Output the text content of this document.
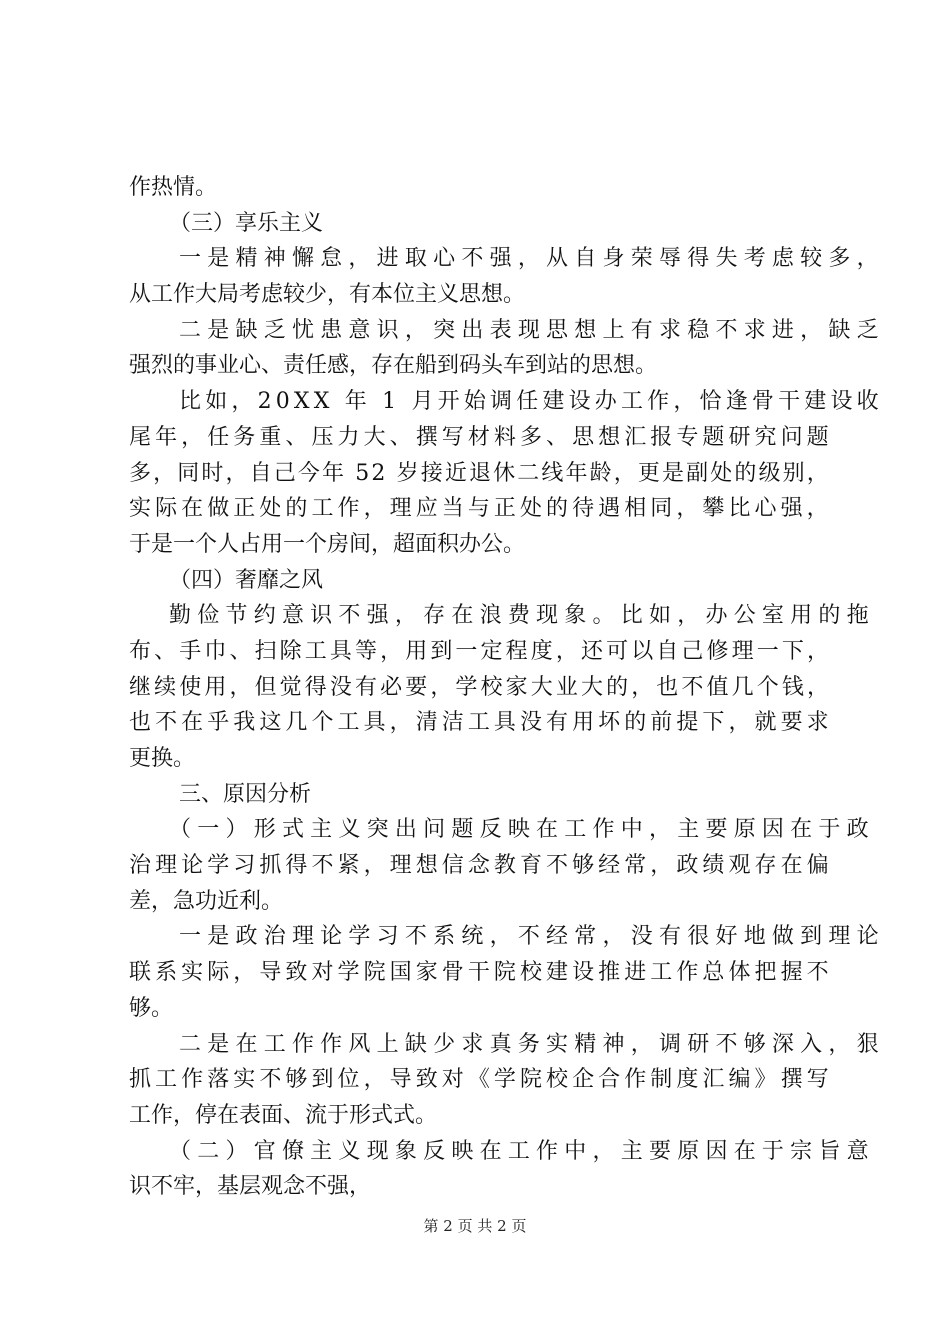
作热情。
（三）享乐主义
一 是 精 神 懈 怠 ， 进 取 心 不 强 ， 从 自 身 荣 辱 得 失 考 虑 较 多 ，
从工作大局考虑较少，有本位主义思想。
二 是 缺 乏 忧 患 意 识 ， 突 出 表 现 思 想 上 有 求 稳 不 求 进 ， 缺 乏
强烈的事业心、责任感，存在船到码头车到站的思想。
比 如 ， 2 0 X X
年
1
月 开 始 调 任 建 设 办 工 作 ， 恰 逢 骨 干 建 设 收
尾 年 ， 任 务 重 、 压 力 大 、 撰 写 材 料 多 、 思 想 汇 报 专 题 研 究 问 题
多 ， 同 时 ， 自 己 今 年
5 2
岁 接 近 退 休 二 线 年 龄 ， 更 是 副 处 的 级 别 ，
实 际 在 做 正 处 的 工 作 ， 理 应 当 与 正 处 的 待 遇 相 同 ， 攀 比 心 强 ，
于是一个人占用一个房间，超面积办公。
（四）奢靡之风
勤 俭 节 约 意 识 不 强 ， 存 在 浪 费 现 象 。 比 如 ， 办 公 室 用 的 拖
布 、 手 巾 、 扫 除 工 具 等 ， 用 到 一 定 程 度 ， 还 可 以 自 己 修 理 一 下 ，
继 续 使 用 ， 但 觉 得 没 有 必 要 ， 学 校 家 大 业 大 的 ， 也 不 值 几 个 钱 ，
也 不 在 乎 我 这 几 个 工 具 ， 清 洁 工 具 没 有 用 坏 的 前 提 下 ， 就 要 求
更换。
三、原因分析
（ 一 ） 形 式 主 义 突 出 问 题 反 映 在 工 作 中 ， 主 要 原 因 在 于 政
治 理 论 学 习 抓 得 不 紧 ， 理 想 信 念 教 育 不 够 经 常 ， 政 绩 观 存 在 偏
差，急功近利。
一 是 政 治 理 论 学 习 不 系 统 ， 不 经 常 ， 没 有 很 好 地 做 到 理 论
联 系 实 际 ， 导 致 对 学 院 国 家 骨 干 院 校 建 设 推 进 工 作 总 体 把 握 不
够。
二 是 在 工 作 作 风 上 缺 少 求 真 务 实 精 神 ， 调 研 不 够 深 入 ， 狠
抓 工 作 落 实 不 够 到 位 ， 导 致 对 《 学 院 校 企 合 作 制 度 汇 编 》 撰 写
工作，停在表面、流于形式式。
（ 二 ） 官 僚 主 义 现 象 反 映 在 工 作 中 ， 主 要 原 因 在 于 宗 旨 意
识不牢，基层观念不强，
第 2 页 共 2 页
